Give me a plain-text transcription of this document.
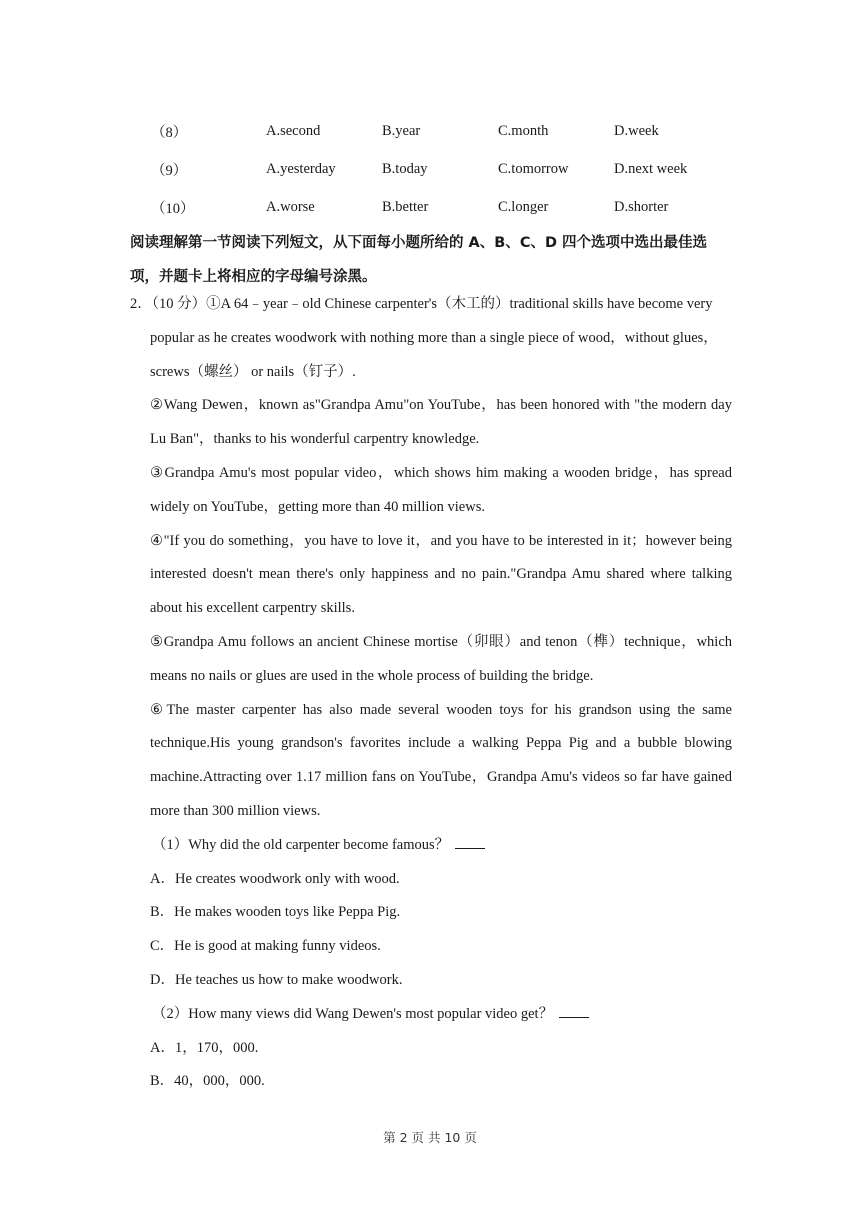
（8）	A.second	B.year	C.month	D.week
（9）	A.yesterday	B.today	C.tomorrow	D.next week
（10）	A.worse	B.better	C.longer	D.shorter
阅读理解第一节阅读下列短文，从下面每小题所给的 A、B、C、D 四个选项中选出最佳选项，并题卡上将相应的字母编号涂黑。
2．（10 分）①A 64﹣year﹣old Chinese carpenter's（木工的）traditional skills have become very popular as he creates woodwork with nothing more than a single piece of wood，without glues，screws（螺丝） or nails（钉子）.
②Wang Dewen，known as"Grandpa Amu"on YouTube，has been honored with "the modern day Lu Ban"，thanks to his wonderful carpentry knowledge.
③Grandpa Amu's most popular video，which shows him making a wooden bridge，has spread widely on YouTube，getting more than 40 million views.
④"If you do something，you have to love it，and you have to be interested in it；however being interested doesn't mean there's only happiness and no pain."Grandpa Amu shared where talking about his excellent carpentry skills.
⑤Grandpa Amu follows an ancient Chinese mortise（卯眼）and tenon（榫）technique，which means no nails or glues are used in the whole process of building the bridge.
⑥The master carpenter has also made several wooden toys for his grandson using the same technique.His young grandson's favorites include a walking Peppa Pig and a bubble blowing machine.Attracting over 1.17 million fans on YouTube，Grandpa Amu's videos so far have gained more than 300 million views.
（1）Why did the old carpenter become famous？
A．He creates woodwork only with wood.
B．He makes wooden toys like Peppa Pig.
C．He is good at making funny videos.
D．He teaches us how to make woodwork.
（2）How many views did Wang Dewen's most popular video get？
A．1，170，000.
B．40，000，000.
第 2 页 共 10 页
